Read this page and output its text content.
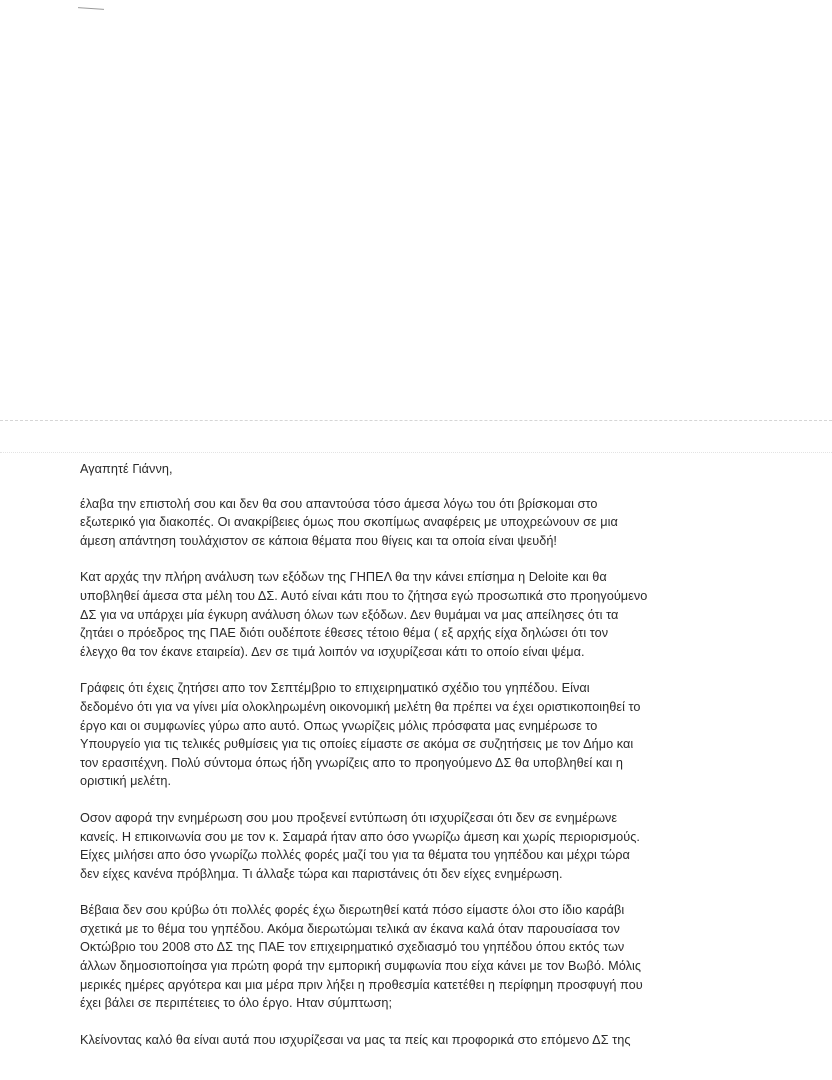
Αγαπητέ Γιάννη,
έλαβα την επιστολή σου και δεν θα σου απαντούσα τόσο άμεσα λόγω του ότι βρίσκομαι στο
εξωτερικό για διακοπές. Οι ανακρίβειες όμως που σκοπίμως αναφέρεις με υποχρεώνουν σε μια
άμεση απάντηση τουλάχιστον σε κάποια θέματα που θίγεις και τα οποία είναι ψευδή!
Κατ αρχάς την πλήρη ανάλυση των εξόδων της ΓΗΠΕΛ θα την κάνει επίσημα η Deloite και θα
υποβληθεί άμεσα στα μέλη του ΔΣ. Αυτό είναι κάτι που το ζήτησα εγώ προσωπικά στο προηγούμενο
ΔΣ για να υπάρχει μία έγκυρη ανάλυση όλων των εξόδων. Δεν θυμάμαι να μας απείλησες ότι τα
ζητάει ο πρόεδρος της ΠΑΕ διότι ουδέποτε έθεσες τέτοιο θέμα ( εξ αρχής είχα δηλώσει ότι τον
έλεγχο θα τον έκανε εταιρεία). Δεν σε τιμά λοιπόν να ισχυρίζεσαι κάτι το οποίο είναι ψέμα.
Γράφεις ότι έχεις ζητήσει απο τον Σεπτέμβριο το επιχειρηματικό σχέδιο του γηπέδου. Είναι
δεδομένο ότι για να γίνει μία ολοκληρωμένη οικονομική μελέτη θα πρέπει να έχει οριστικοποιηθεί το
έργο και οι συμφωνίες γύρω απο αυτό. Οπως γνωρίζεις μόλις πρόσφατα μας ενημέρωσε το
Υπουργείο για τις τελικές ρυθμίσεις για τις οποίες είμαστε σε ακόμα σε συζητήσεις με τον Δήμο και
τον ερασιτέχνη. Πολύ σύντομα όπως ήδη γνωρίζεις απο το προηγούμενο ΔΣ θα υποβληθεί και η
οριστική μελέτη.
Οσον αφορά την ενημέρωση σου μου προξενεί εντύπωση ότι ισχυρίζεσαι ότι δεν σε ενημέρωνε
κανείς. Η επικοινωνία σου με τον κ. Σαμαρά ήταν απο όσο γνωρίζω άμεση και χωρίς περιορισμούς.
Είχες μιλήσει απο όσο γνωρίζω πολλές φορές μαζί του για τα θέματα του γηπέδου και μέχρι τώρα
δεν είχες κανένα πρόβλημα. Τι άλλαξε τώρα και παριστάνεις ότι δεν είχες ενημέρωση.
Βέβαια δεν σου κρύβω ότι πολλές φορές έχω διερωτηθεί κατά πόσο είμαστε όλοι στο ίδιο καράβι
σχετικά με το θέμα του γηπέδου. Ακόμα διερωτώμαι τελικά αν έκανα καλά όταν παρουσίασα τον
Οκτώβριο του 2008 στο ΔΣ της ΠΑΕ τον επιχειρηματικό σχεδιασμό του γηπέδου όπου εκτός των
άλλων δημοσιοποίησα για πρώτη φορά την εμπορική συμφωνία που είχα κάνει με τον Βωβό. Μόλις
μερικές ημέρες αργότερα και μια μέρα πριν λήξει η προθεσμία κατετέθει η περίφημη προσφυγή που
έχει βάλει σε περιπέτειες το όλο έργο. Ηταν σύμπτωση;
Κλείνοντας καλό θα είναι αυτά που ισχυρίζεσαι να μας τα πείς και προφορικά στο επόμενο ΔΣ της
